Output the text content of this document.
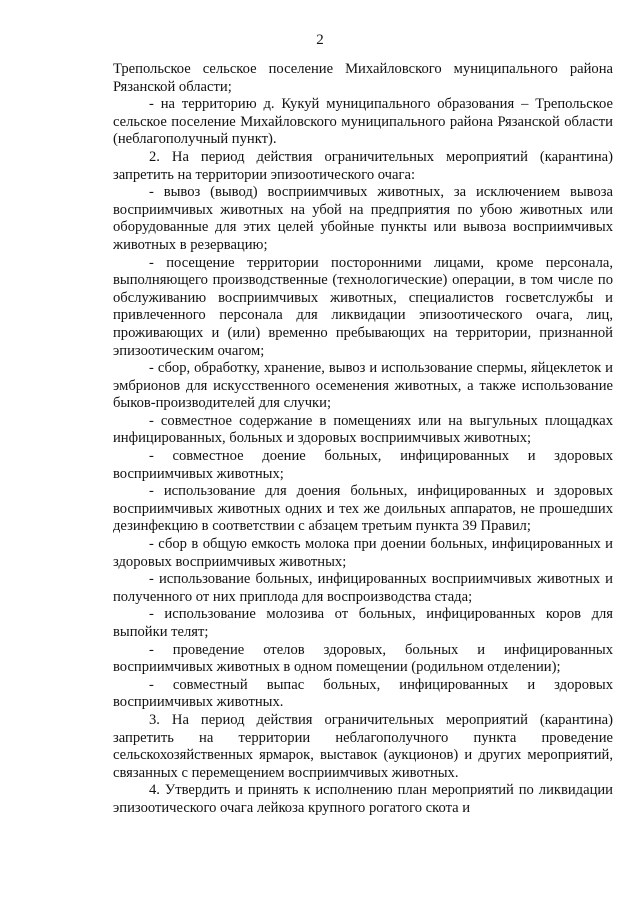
2

Трепольское сельское поселение Михайловского муниципального района Рязанской области;

- на территорию д. Кукуй муниципального образования – Трепольское сельское поселение Михайловского муниципального района Рязанской области (неблагополучный пункт).

2. На период действия ограничительных мероприятий (карантина) запретить на территории эпизоотического очага:

- вывоз (вывод) восприимчивых животных, за исключением вывоза восприимчивых животных на убой на предприятия по убою животных или оборудованные для этих целей убойные пункты или вывоза восприимчивых животных в резервацию;

- посещение территории посторонними лицами, кроме персонала, выполняющего производственные (технологические) операции, в том числе по обслуживанию восприимчивых животных, специалистов госветслужбы и привлеченного персонала для ликвидации эпизоотического очага, лиц, проживающих и (или) временно пребывающих на территории, признанной эпизоотическим очагом;

- сбор, обработку, хранение, вывоз и использование спермы, яйцеклеток и эмбрионов для искусственного осеменения животных, а также использование быков-производителей для случки;

- совместное содержание в помещениях или на выгульных площадках инфицированных, больных и здоровых восприимчивых животных;

- совместное доение больных, инфицированных и здоровых восприимчивых животных;

- использование для доения больных, инфицированных и здоровых восприимчивых животных одних и тех же доильных аппаратов, не прошедших дезинфекцию в соответствии с абзацем третьим пункта 39 Правил;

- сбор в общую емкость молока при доении больных, инфицированных и здоровых восприимчивых животных;

- использование больных, инфицированных восприимчивых животных и полученного от них приплода для воспроизводства стада;

- использование молозива от больных, инфицированных коров для выпойки телят;

- проведение отелов здоровых, больных и инфицированных восприимчивых животных в одном помещении (родильном отделении);

- совместный выпас больных, инфицированных и здоровых восприимчивых животных.

3. На период действия ограничительных мероприятий (карантина) запретить на территории неблагополучного пункта проведение сельскохозяйственных ярмарок, выставок (аукционов) и других мероприятий, связанных с перемещением восприимчивых животных.

4. Утвердить и принять к исполнению план мероприятий по ликвидации эпизоотического очага лейкоза крупного рогатого скота и
